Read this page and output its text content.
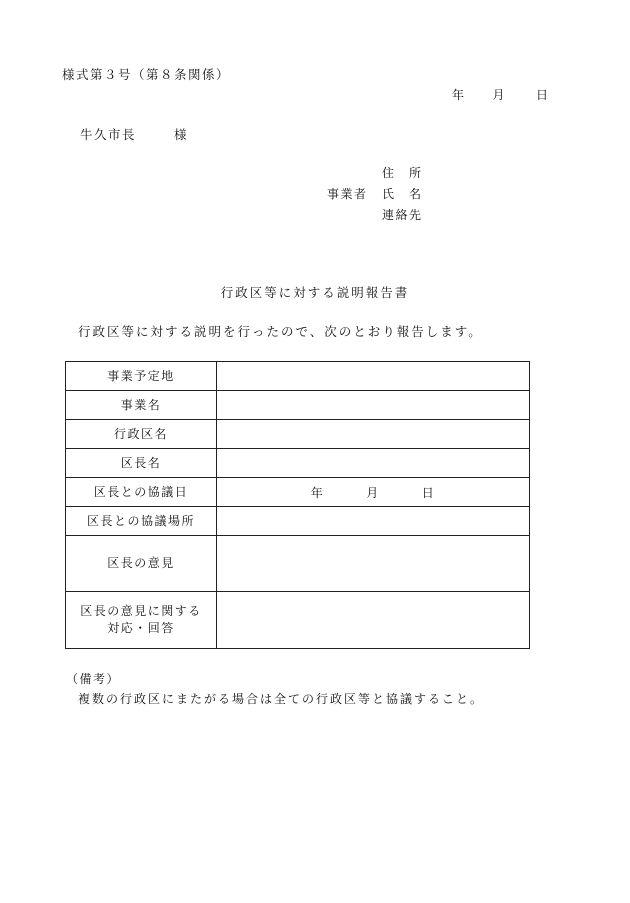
様式第３号（第８条関係）
年 月	日
牛久市長	様
住　所
事業者 氏　名
連絡先
行政区等に対する説明報告書
行政区等に対する説明を行ったので、次のとおり報告します。
事業予定地	
事業名	
行政区名	
区長名	
区長との協議日	年 月 日
区長との協議場所	
区長の意見	
区長の意見に関する
対応・回答	
（備考）
複数の行政区にまたがる場合は全ての行政区等と協議すること。
